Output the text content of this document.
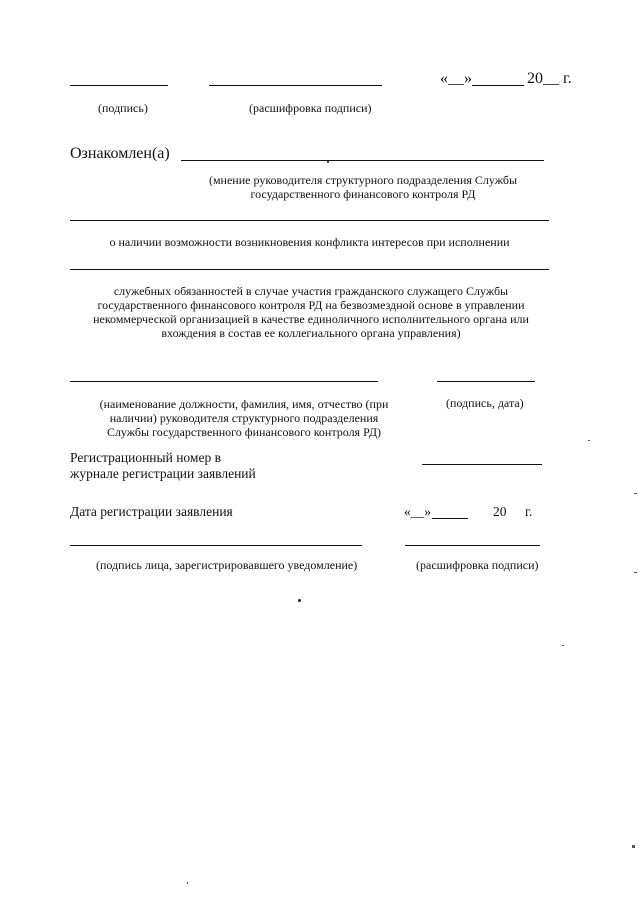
«__»	20__ г.
(подпись)	(расшифровка подписи)
Ознакомлен(а)
(мнение руководителя структурного подразделения Службы государственного финансового контроля РД
о наличии возможности возникновения конфликта интересов при исполнении
служебных обязанностей в случае участия гражданского служащего Службы государственного финансового контроля РД на безвозмездной основе в управлении некоммерческой организацией в качестве единоличного исполнительного органа или вхождения в состав ее коллегиального органа управления)
(наименование должности, фамилия, имя, отчество (при наличии) руководителя структурного подразделения Службы государственного финансового контроля РД)
(подпись, дата)
Регистрационный номер в журнале регистрации заявлений
Дата регистрации заявления	«__»	20 г.
(подпись лица, зарегистрировавшего уведомление)	(расшифровка подписи)
